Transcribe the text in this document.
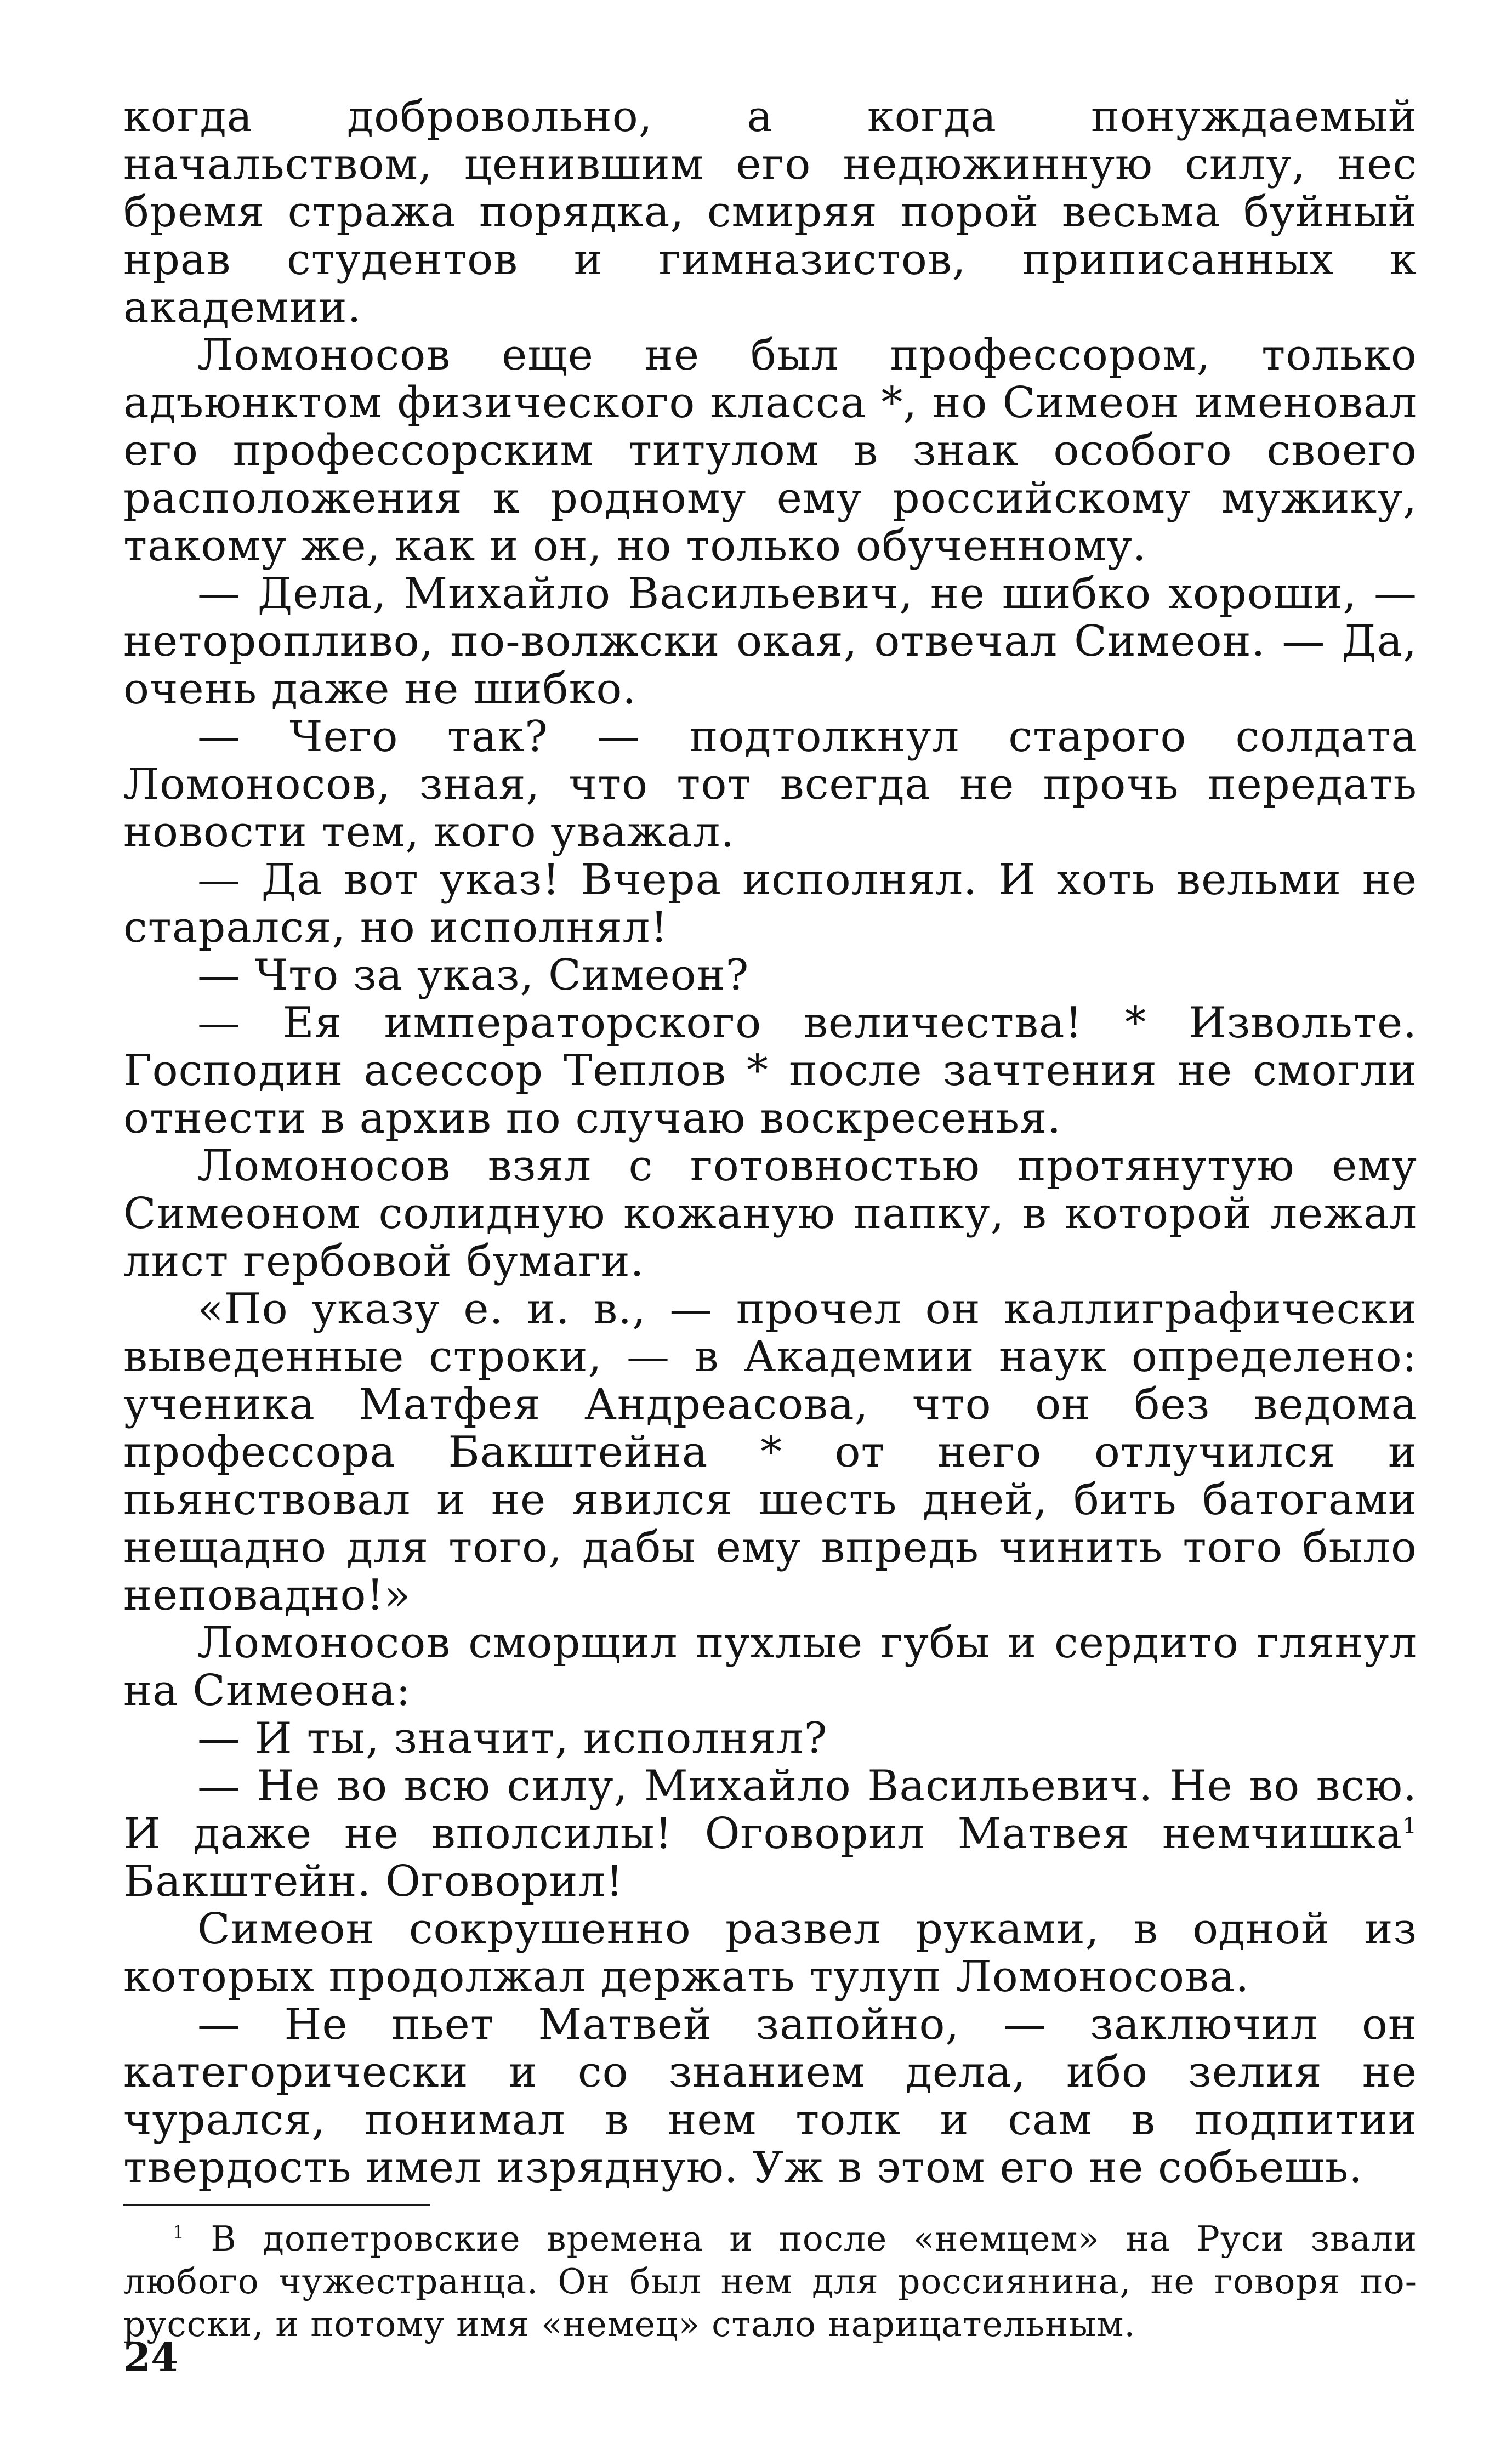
когда добровольно, а когда понуждаемый начальством, ценившим его недюжинную силу, нес бремя стража порядка, смиряя порой весьма буйный нрав студентов и гимназистов, приписанных к академии.

Ломоносов еще не был профессором, только адъюнктом физического класса *, но Симеон именовал его профессорским титулом в знак особого своего расположения к родному ему российскому мужику, такому же, как и он, но только обученному.

— Дела, Михайло Васильевич, не шибко хороши, — неторопливо, по-волжски окая, отвечал Симеон. — Да, очень даже не шибко.

— Чего так? — подтолкнул старого солдата Ломоносов, зная, что тот всегда не прочь передать новости тем, кого уважал.

— Да вот указ! Вчера исполнял. И хоть вельми не старался, но исполнял!

— Что за указ, Симеон?

— Ея императорского величества! * Извольте. Господин асессор Теплов * после зачтения не смогли отнести в архив по случаю воскресенья.

Ломоносов взял с готовностью протянутую ему Симеоном солидную кожаную папку, в которой лежал лист гербовой бумаги.

«По указу е. и. в., — прочел он каллиграфически выведенные строки, — в Академии наук определено: ученика Матфея Андреасова, что он без ведома профессора Бакштейна * от него отлучился и пьянствовал и не явился шесть дней, бить батогами нещадно для того, дабы ему впредь чинить того было неповадно!»

Ломоносов сморщил пухлые губы и сердито глянул на Симеона:

— И ты, значит, исполнял?

— Не во всю силу, Михайло Васильевич. Не во всю. И даже не вполсилы! Оговорил Матвея немчишка$^1$ Бакштейн. Оговорил!

Симеон сокрушенно развел руками, в одной из которых продолжал держать тулуп Ломоносова.

— Не пьет Матвей запойно, — заключил он категорически и со знанием дела, ибо зелия не чурался, понимал в нем толк и сам в подпитии твердость имел изрядную. Уж в этом его не собьешь.

$^1$ В допетровские времена и после «немцем» на Руси звали любого чужестранца. Он был нем для россиянина, не говоря по-русски, и потому имя «немец» стало нарицательным.

24
